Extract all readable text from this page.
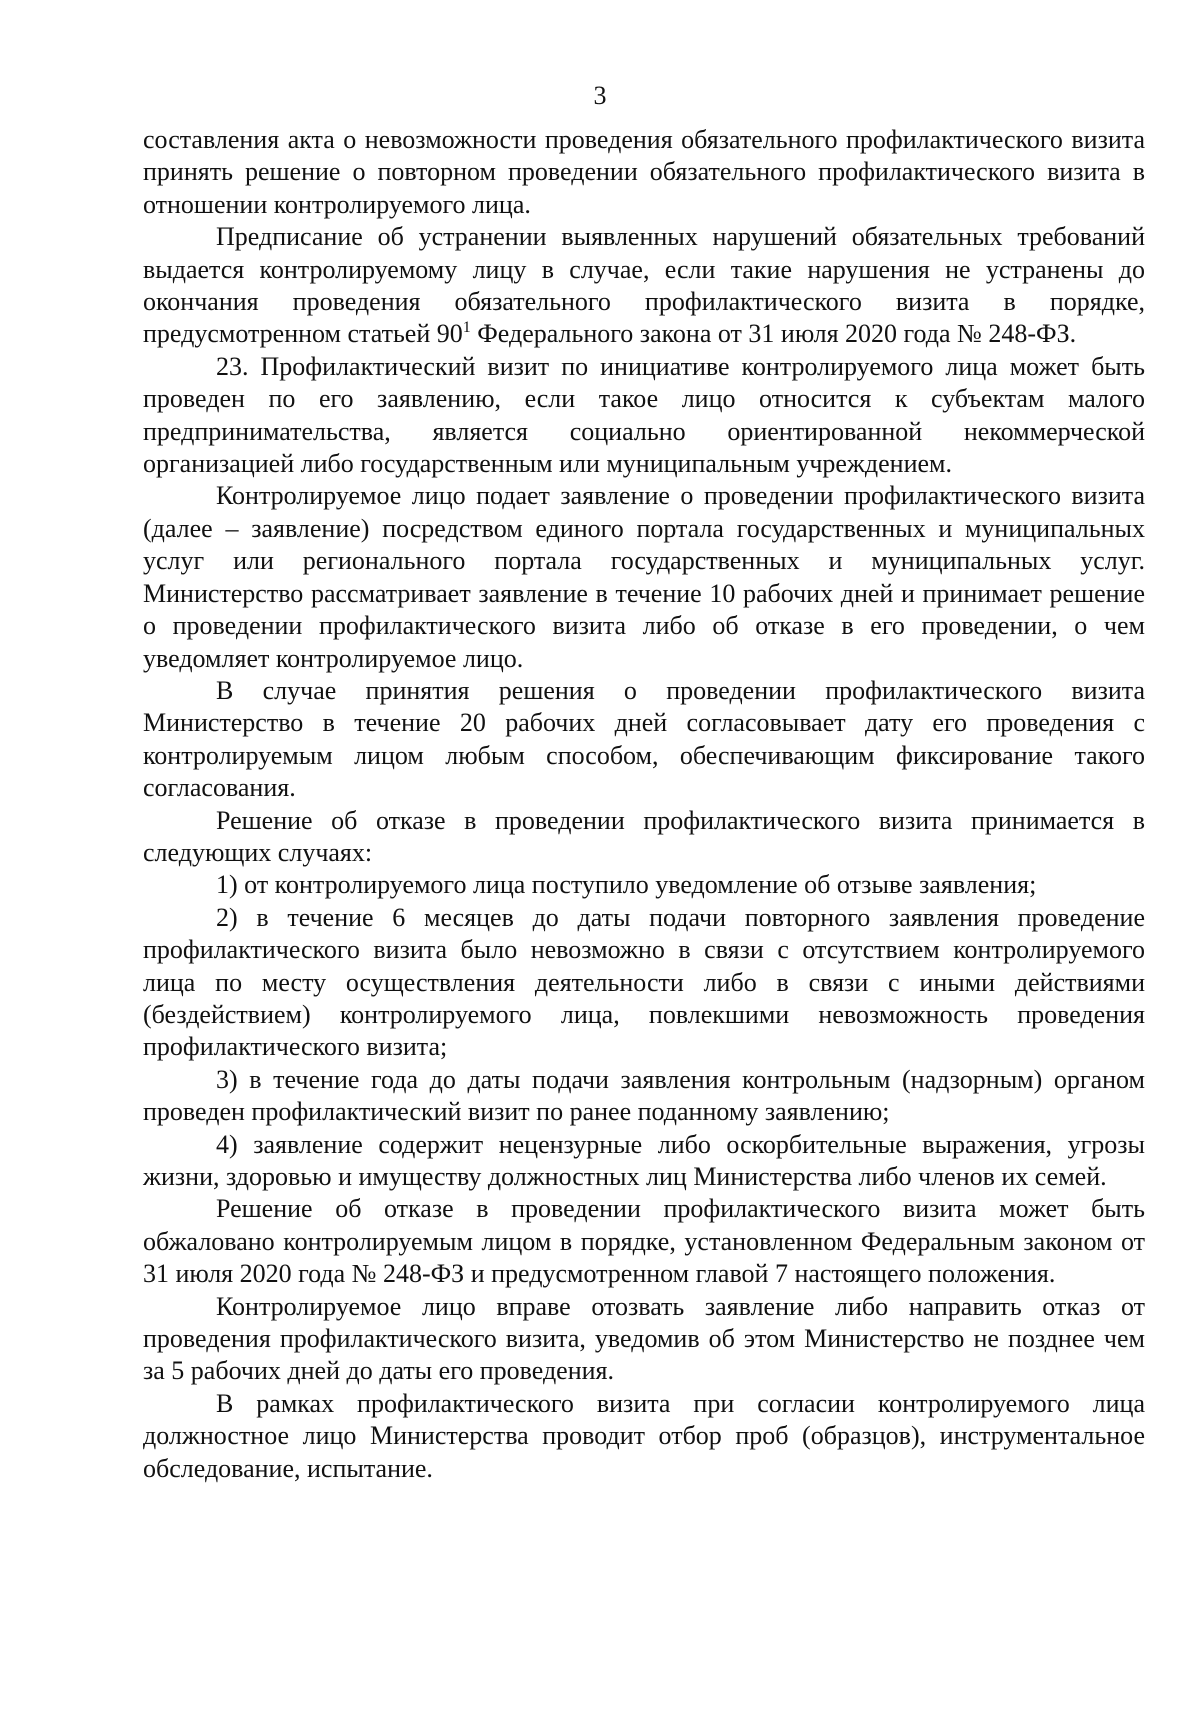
3

составления акта о невозможности проведения обязательного профилактического визита принять решение о повторном проведении обязательного профилактического визита в отношении контролируемого лица.

Предписание об устранении выявленных нарушений обязательных требований выдается контролируемому лицу в случае, если такие нарушения не устранены до окончания проведения обязательного профилактического визита в порядке, предусмотренном статьей $90^1$ Федерального закона от 31 июля 2020 года № 248-ФЗ.

23. Профилактический визит по инициативе контролируемого лица может быть проведен по его заявлению, если такое лицо относится к субъектам малого предпринимательства, является социально ориентированной некоммерческой организацией либо государственным или муниципальным учреждением.

Контролируемое лицо подает заявление о проведении профилактического визита (далее – заявление) посредством единого портала государственных и муниципальных услуг или регионального портала государственных и муниципальных услуг. Министерство рассматривает заявление в течение 10 рабочих дней и принимает решение о проведении профилактического визита либо об отказе в его проведении, о чем уведомляет контролируемое лицо.

В случае принятия решения о проведении профилактического визита Министерство в течение 20 рабочих дней согласовывает дату его проведения с контролируемым лицом любым способом, обеспечивающим фиксирование такого согласования.

Решение об отказе в проведении профилактического визита принимается в следующих случаях:

1) от контролируемого лица поступило уведомление об отзыве заявления;

2) в течение 6 месяцев до даты подачи повторного заявления проведение профилактического визита было невозможно в связи с отсутствием контролируемого лица по месту осуществления деятельности либо в связи с иными действиями (бездействием) контролируемого лица, повлекшими невозможность проведения профилактического визита;

3) в течение года до даты подачи заявления контрольным (надзорным) органом проведен профилактический визит по ранее поданному заявлению;

4) заявление содержит нецензурные либо оскорбительные выражения, угрозы жизни, здоровью и имуществу должностных лиц Министерства либо членов их семей.

Решение об отказе в проведении профилактического визита может быть обжаловано контролируемым лицом в порядке, установленном Федеральным законом от 31 июля 2020 года № 248-ФЗ и предусмотренном главой 7 настоящего положения.

Контролируемое лицо вправе отозвать заявление либо направить отказ от проведения профилактического визита, уведомив об этом Министерство не позднее чем за 5 рабочих дней до даты его проведения.

В рамках профилактического визита при согласии контролируемого лица должностное лицо Министерства проводит отбор проб (образцов), инструментальное обследование, испытание.
